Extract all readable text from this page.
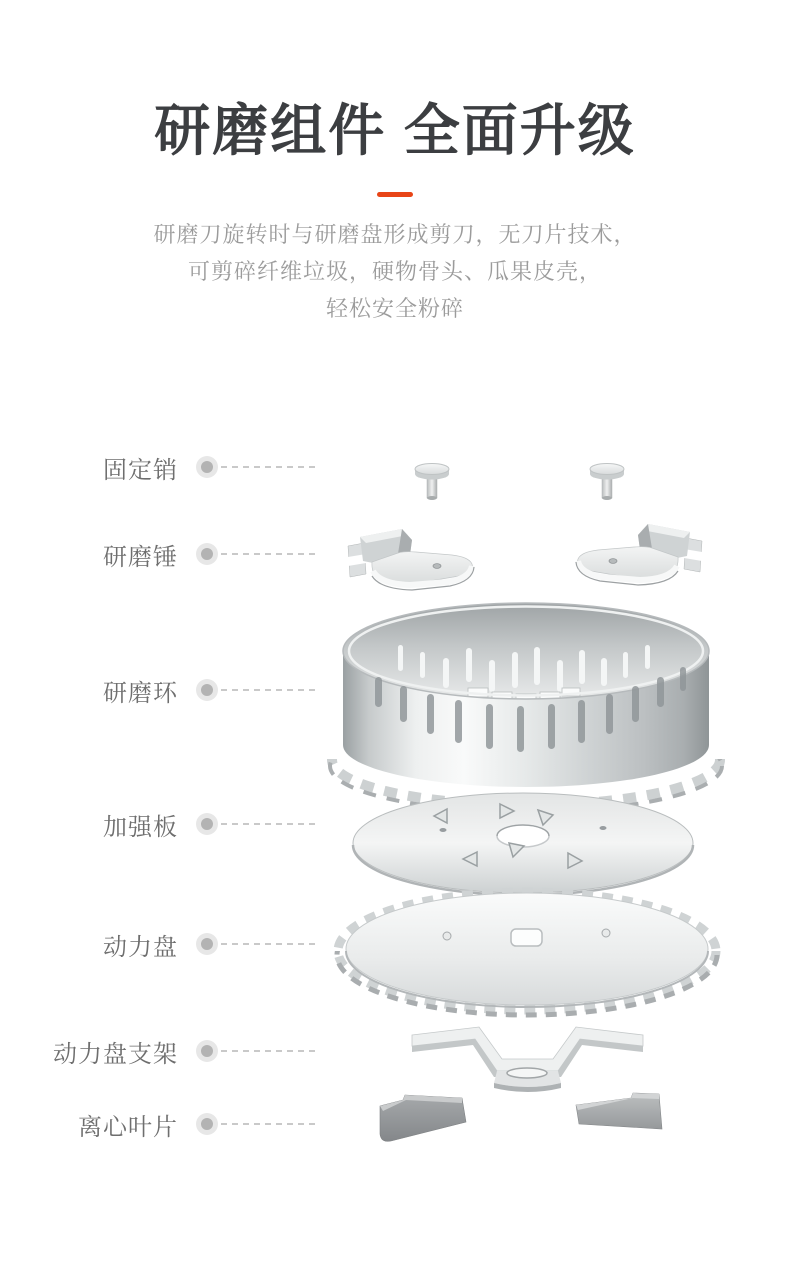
研磨组件 全面升级
研磨刀旋转时与研磨盘形成剪刀，无刀片技术，
可剪碎纤维垃圾，硬物骨头、瓜果皮壳，
轻松安全粉碎
固定销
研磨锤
研磨环
加强板
动力盘
动力盘支架
离心叶片
